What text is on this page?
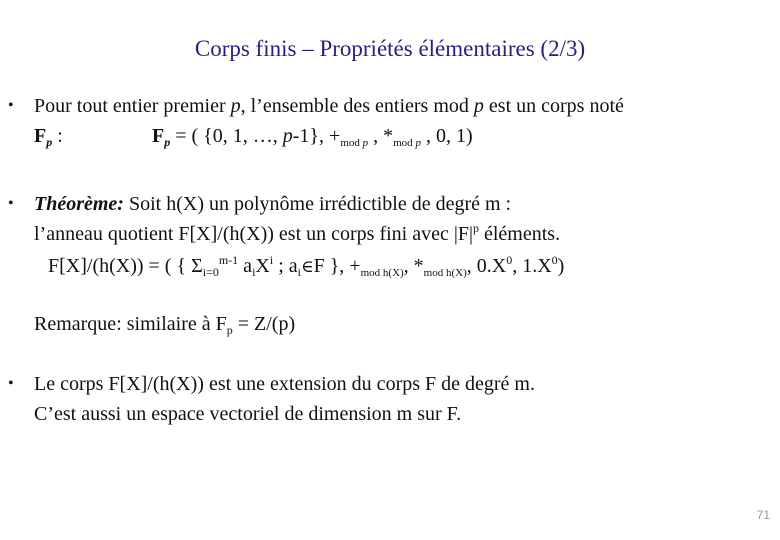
Corps finis – Propriétés élémentaires (2/3)
• Pour tout entier premier p, l’ensemble des entiers mod p est un corps noté
$F_p$ :	$F_p$ = ( {0, 1, …, p-1}, $+_{mod p}$ , $*_{mod p}$ , 0, 1)
• Théorème: Soit h(X) un polynôme irrédictible de degré m :
l’anneau quotient F[X]/(h(X)) est un corps fini avec $|F|^p$ éléments.
F[X]/(h(X)) = ( { $\Sigma_{i=0}^{m-1}$ $a_iX^i$ ; $a_i\in F$ }, $+_{mod h(X)}$, $*_{mod h(X)}$, $0.X^0$, $1.X^0$)
Remarque: similaire à $F_p = Z/(p)$
• Le corps F[X]/(h(X)) est une extension du corps F de degré m.
C’est aussi un espace vectoriel de dimension m sur F.
71
